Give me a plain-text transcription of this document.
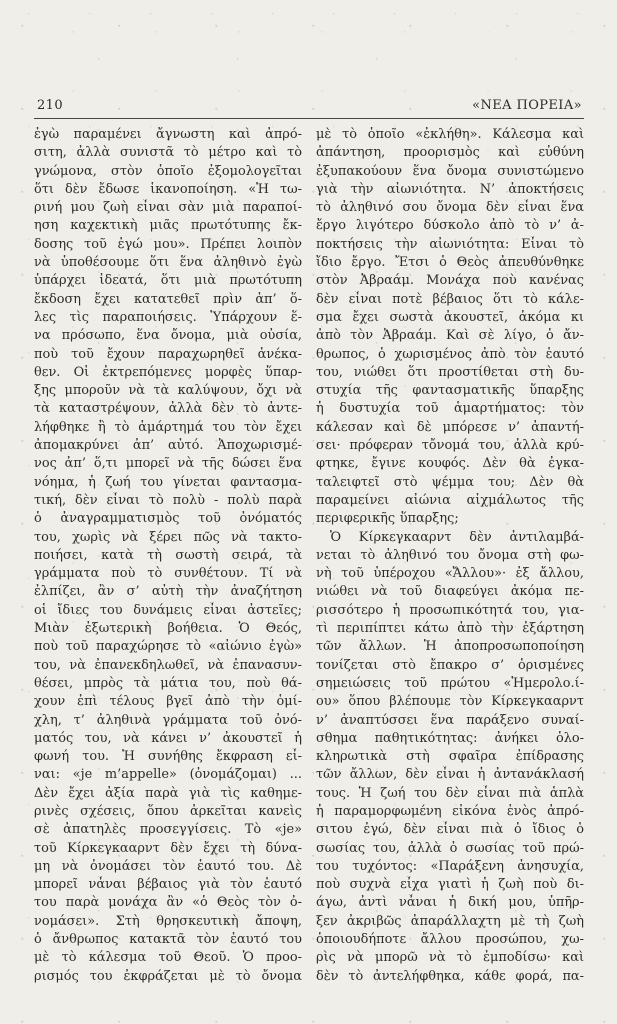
210	«ΝΕΑ ΠΟΡΕΙΑ»
ἐγὼ παραμένει ἄγνωστη καὶ ἀπρό-
σιτη, ἀλλὰ συνιστᾶ τὸ μέτρο καὶ τὸ
γνώμονα, στὸν ὁποῖο ἐξομολογεῖται
ὅτι δὲν ἔδωσε ἱκανοποίηση. «Ἡ τω-
ρινή μου ζωὴ εἶναι σὰν μιὰ παραποί-
ηση καχεκτικὴ μιᾶς πρωτότυπης ἔκ-
δοσης τοῦ ἐγώ μου». Πρέπει λοιπὸν
νὰ ὑποθέσουμε ὅτι ἕνα ἀληθινὸ ἐγὼ
ὑπάρχει ἰδεατά, ὅτι μιὰ πρωτότυπη
ἔκδοση ἔχει κατατεθεῖ πρὶν ἀπ’ ὅ-
λες τὶς παραποιήσεις. Ὑπάρχουν ἕ-
να πρόσωπο, ἕνα ὄνομα, μιὰ οὐσία,
ποὺ τοῦ ἔχουν παραχωρηθεῖ ἀνέκα-
θεν. Οἱ ἐκτρεπόμενες μορφὲς ὕπαρ-
ξης μποροῦν νὰ τὰ καλύψουν, ὄχι νὰ
τὰ καταστρέψουν, ἀλλὰ δὲν τὸ ἀντε-
λήφθηκε ἢ τὸ ἁμάρτημά του τὸν ἔχει
ἀπομακρύνει ἀπ’ αὐτό. Ἀποχωρισμέ-
νος ἀπ’ ὅ,τι μπορεῖ νὰ τῆς δώσει ἕνα
νόημα, ἡ ζωή του γίνεται φαντασμα-
τική, δὲν εἶναι τὸ πολὺ - πολὺ παρὰ
ὁ ἀναγραμματισμὸς τοῦ ὀνόματός
του, χωρὶς νὰ ξέρει πῶς νὰ τακτο-
ποιήσει, κατὰ τὴ σωστὴ σειρά, τὰ
γράμματα ποὺ τὸ συνθέτουν. Τί νὰ
ἐλπίζει, ἂν σ’ αὐτὴ τὴν ἀναζήτηση
οἱ ἴδιες του δυνάμεις εἶναι ἀστεῖες;
Μιὰν ἐξωτερικὴ βοήθεια. Ὁ Θεός,
ποὺ τοῦ παραχώρησε τὸ «αἰώνιο ἐγὼ»
του, νὰ ἐπανεκδηλωθεῖ, νὰ ἐπανασυν-
θέσει, μπρὸς τὰ μάτια του, ποὺ θά-
χουν ἐπὶ τέλους βγεῖ ἀπὸ τὴν ὁμί-
χλη, τ’ ἀληθινὰ γράμματα τοῦ ὀνό-
ματός του, νὰ κάνει ν’ ἀκουστεῖ ἡ
φωνή του. Ἡ συνήθης ἔκφραση εἶ-
ναι: «je m’appelle» (ὀνομάζομαι) ...
Δὲν ἔχει ἀξία παρὰ γιὰ τὶς καθημε-
ρινὲς σχέσεις, ὅπου ἀρκεῖται κανεὶς
σὲ ἀπατηλὲς προσεγγίσεις. Τὸ «je»
τοῦ Κίρκεγκααρντ δὲν ἔχει τὴ δύνα-
μη νὰ ὀνομάσει τὸν ἑαυτό του. Δὲ
μπορεῖ νἆναι βέβαιος γιὰ τὸν ἑαυτό
του παρὰ μονάχα ἂν «ὁ Θεὸς τὸν ὀ-
νομάσει». Στὴ θρησκευτικὴ ἄποψη,
ὁ ἄνθρωπος κατακτᾶ τὸν ἑαυτό του
μὲ τὸ κάλεσμα τοῦ Θεοῦ. Ὁ προο-
ρισμός του ἐκφράζεται μὲ τὸ ὄνομα
μὲ τὸ ὁποῖο «ἐκλήθη». Κάλεσμα καὶ
ἀπάντηση, προορισμὸς καὶ εὐθύνη
ἐξυπακούουν ἕνα ὄνομα συνιστώμενο
γιὰ τὴν αἰωνιότητα. Ν’ ἀποκτήσεις
τὸ ἀληθινό σου ὄνομα δὲν εἶναι ἕνα
ἔργο λιγότερο δύσκολο ἀπὸ τὸ ν’ ἀ-
ποκτήσεις τὴν αἰωνιότητα: Εἶναι τὸ
ἴδιο ἔργο. Ἔτσι ὁ Θεὸς ἀπευθύνθηκε
στὸν Ἀβραάμ. Μονάχα ποὺ κανένας
δὲν εἶναι ποτὲ βέβαιος ὅτι τὸ κάλε-
σμα ἔχει σωστὰ ἀκουστεῖ, ἀκόμα κι
ἀπὸ τὸν Ἀβραάμ. Καὶ σὲ λίγο, ὁ ἄν-
θρωπος, ὁ χωρισμένος ἀπὸ τὸν ἑαυτό
του, νιώθει ὅτι προστίθεται στὴ δυ-
στυχία τῆς φαντασματικῆς ὕπαρξης
ἡ δυστυχία τοῦ ἁμαρτήματος: τὸν
κάλεσαν καὶ δὲ μπόρεσε ν’ ἀπαντή-
σει· πρόφεραν τὄνομά του, ἀλλὰ κρύ-
φτηκε, ἔγινε κουφός. Δὲν θὰ ἐγκα-
ταλειφτεῖ στὸ ψέμμα του; Δὲν θὰ
παραμείνει αἰώνια αἰχμάλωτος τῆς
περιφερικῆς ὕπαρξης;
Ὁ Κίρκεγκααρντ δὲν ἀντιλαμβά-
νεται τὸ ἀληθινό του ὄνομα στὴ φω-
νὴ τοῦ ὑπέροχου «Ἄλλου»· ἐξ ἄλλου,
νιώθει νὰ τοῦ διαφεύγει ἀκόμα πε-
ρισσότερο ἡ προσωπικότητά του, για-
τὶ περιπίπτει κάτω ἀπὸ τὴν ἐξάρτηση
τῶν ἄλλων. Ἡ ἀποπροσωποποίηση
τονίζεται στὸ ἔπακρο σ’ ὁρισμένες
σημειώσεις τοῦ πρώτου «Ἡμερολο.ί-
ου» ὅπου βλέπουμε τὸν Κίρκεγκααρντ
ν’ ἀναπτύσσει ἕνα παράξενο συναί-
σθημα παθητικότητας: ἀνήκει ὁλο-
κληρωτικὰ στὴ σφαῖρα ἐπίδρασης
τῶν ἄλλων, δὲν εἶναι ἡ ἀντανάκλασή
τους. Ἡ ζωή του δὲν εἶναι πιὰ ἁπλὰ
ἡ παραμορφωμένη εἰκόνα ἑνὸς ἀπρό-
σιτου ἐγώ, δὲν εἶναι πιὰ ὁ ἴδιος ὁ
σωσίας του, ἀλλὰ ὁ σωσίας τοῦ πρώ-
του τυχόντος: «Παράξενη ἀνησυχία,
ποὺ συχνὰ εἶχα γιατὶ ἡ ζωὴ ποὺ δι-
άγω, ἀντὶ νἆναι ἡ δική μου, ὑπῆρ-
ξεν ἀκριβῶς ἀπαράλλαχτη μὲ τὴ ζωὴ
ὁποιουδήποτε ἄλλου προσώπου, χω-
ρὶς νὰ μπορῶ νὰ τὸ ἐμποδίσω· καὶ
δὲν τὸ ἀντελήφθηκα, κάθε φορά, πα-
